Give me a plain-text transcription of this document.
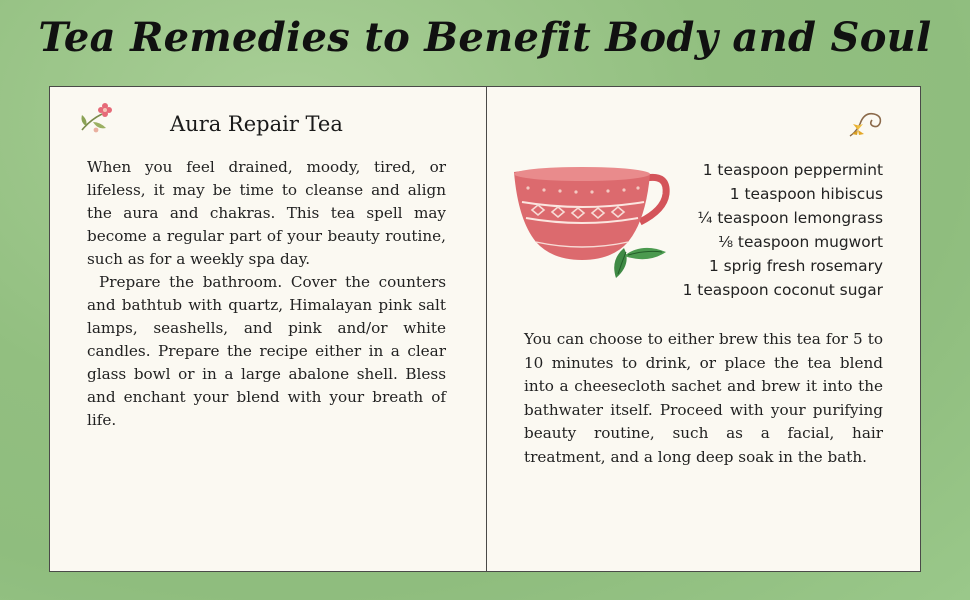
Tea Remedies to Benefit Body and Soul
Aura Repair Tea

When you feel drained, moody, tired, or lifeless, it may be time to cleanse and align the aura and chakras. This tea spell may become a regular part of your beauty routine, such as for a weekly spa day.

Prepare the bathroom. Cover the counters and bathtub with quartz, Himalayan pink salt lamps, seashells, and pink and/or white candles. Prepare the recipe either in a clear glass bowl or in a large abalone shell. Bless and enchant your blend with your breath of life.

1 teaspoon peppermint
1 teaspoon hibiscus
¼ teaspoon lemongrass
⅛ teaspoon mugwort
1 sprig fresh rosemary
1 teaspoon coconut sugar

You can choose to either brew this tea for 5 to 10 minutes to drink, or place the tea blend into a cheesecloth sachet and brew it into the bathwater itself. Proceed with your purifying beauty routine, such as a facial, hair treatment, and a long deep soak in the bath.
